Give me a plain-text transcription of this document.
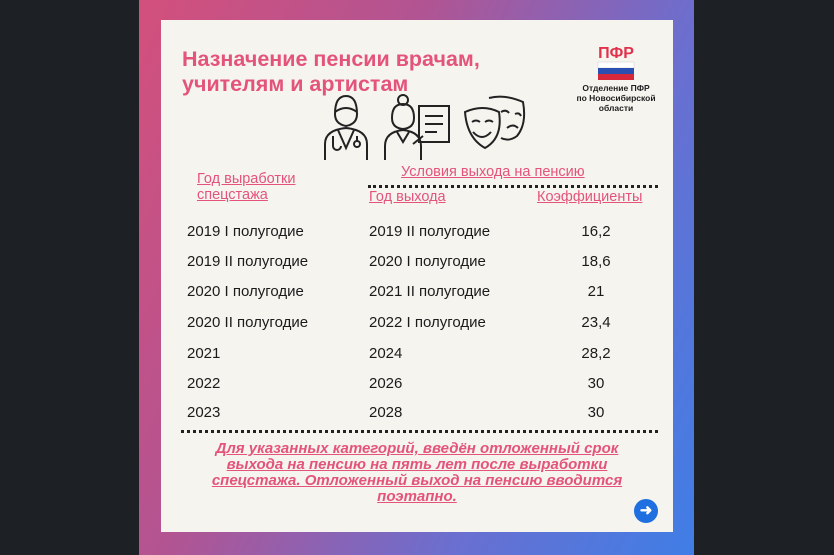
Назначение пенсии врачам,
учителям и артистам
ПФР
Отделение ПФР
по Новосибирской
области
Год выработки
спецстажа
Условия выхода на пенсию
Год выхода	Коэффициенты
2019 I полугодие	2019 II полугодие	16,2
2019 II полугодие	2020 I полугодие	18,6
2020 I полугодие	2021 II полугодие	21
2020 II полугодие	2022 I полугодие	23,4
2021	2024	28,2
2022	2026	30
2023	2028	30
Для указанных категорий, введён отложенный срок
выхода на пенсию на пять лет после выработки
спецстажа. Отложенный выход на пенсию вводится
поэтапно.
➜
